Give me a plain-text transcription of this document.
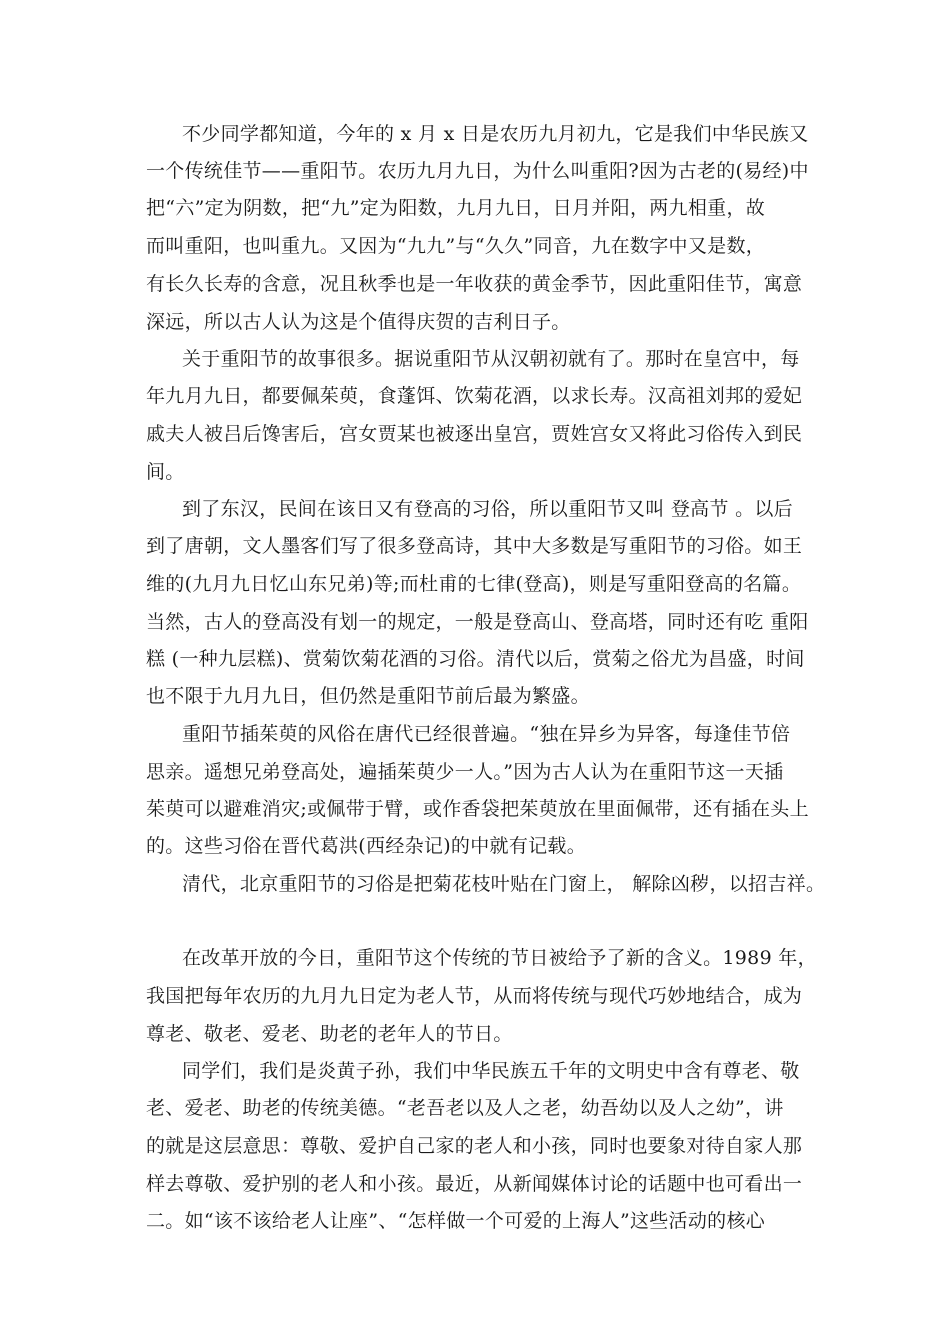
不少同学都知道，今年的 x 月 x 日是农历九月初九，它是我们中华民族又
一个传统佳节——重阳节。农历九月九日，为什么叫重阳?因为古老的(易经)中
把“六”定为阴数，把“九”定为阳数，九月九日，日月并阳，两九相重，故
而叫重阳，也叫重九。又因为“九九”与“久久”同音，九在数字中又是数，
有长久长寿的含意，况且秋季也是一年收获的黄金季节，因此重阳佳节，寓意
深远，所以古人认为这是个值得庆贺的吉利日子。
关于重阳节的故事很多。据说重阳节从汉朝初就有了。那时在皇宫中，每
年九月九日，都要佩茱萸，食蓬饵、饮菊花酒，以求长寿。汉高祖刘邦的爱妃
戚夫人被吕后馋害后，宫女贾某也被逐出皇宫，贾姓宫女又将此习俗传入到民
间。
到了东汉，民间在该日又有登高的习俗，所以重阳节又叫 登高节 。以后
到了唐朝，文人墨客们写了很多登高诗，其中大多数是写重阳节的习俗。如王
维的(九月九日忆山东兄弟)等;而杜甫的七律(登高)，则是写重阳登高的名篇。
当然，古人的登高没有划一的规定，一般是登高山、登高塔，同时还有吃 重阳
糕 (一种九层糕)、赏菊饮菊花酒的习俗。清代以后，赏菊之俗尤为昌盛，时间
也不限于九月九日，但仍然是重阳节前后最为繁盛。
重阳节插茱萸的风俗在唐代已经很普遍。“独在异乡为异客，每逢佳节倍
思亲。遥想兄弟登高处，遍插茱萸少一人。”因为古人认为在重阳节这一天插
茱萸可以避难消灾;或佩带于臂，或作香袋把茱萸放在里面佩带，还有插在头上
的。这些习俗在晋代葛洪(西经杂记)的中就有记载。
清代，北京重阳节的习俗是把菊花枝叶贴在门窗上， 解除凶秽，以招吉祥。
在改革开放的今日，重阳节这个传统的节日被给予了新的含义。1989 年，
我国把每年农历的九月九日定为老人节，从而将传统与现代巧妙地结合，成为
尊老、敬老、爱老、助老的老年人的节日。
同学们，我们是炎黄子孙，我们中华民族五千年的文明史中含有尊老、敬
老、爱老、助老的传统美德。“老吾老以及人之老，幼吾幼以及人之幼”，讲
的就是这层意思：尊敬、爱护自己家的老人和小孩，同时也要象对待自家人那
样去尊敬、爱护别的老人和小孩。最近，从新闻媒体讨论的话题中也可看出一
二。如“该不该给老人让座”、“怎样做一个可爱的上海人”这些活动的核心
